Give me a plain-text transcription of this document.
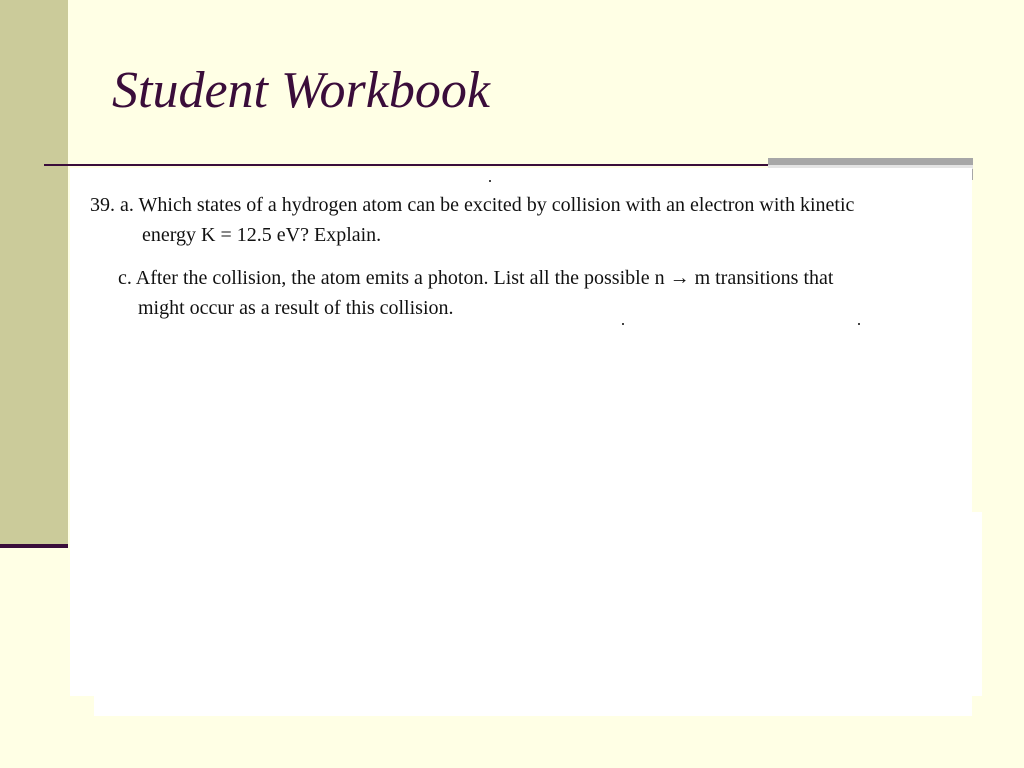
Student Workbook
39. a. Which states of a hydrogen atom can be excited by collision with an electron with kinetic
energy K = 12.5 eV? Explain.
c. After the collision, the atom emits a photon. List all the possible n → m transitions that
might occur as a result of this collision.
